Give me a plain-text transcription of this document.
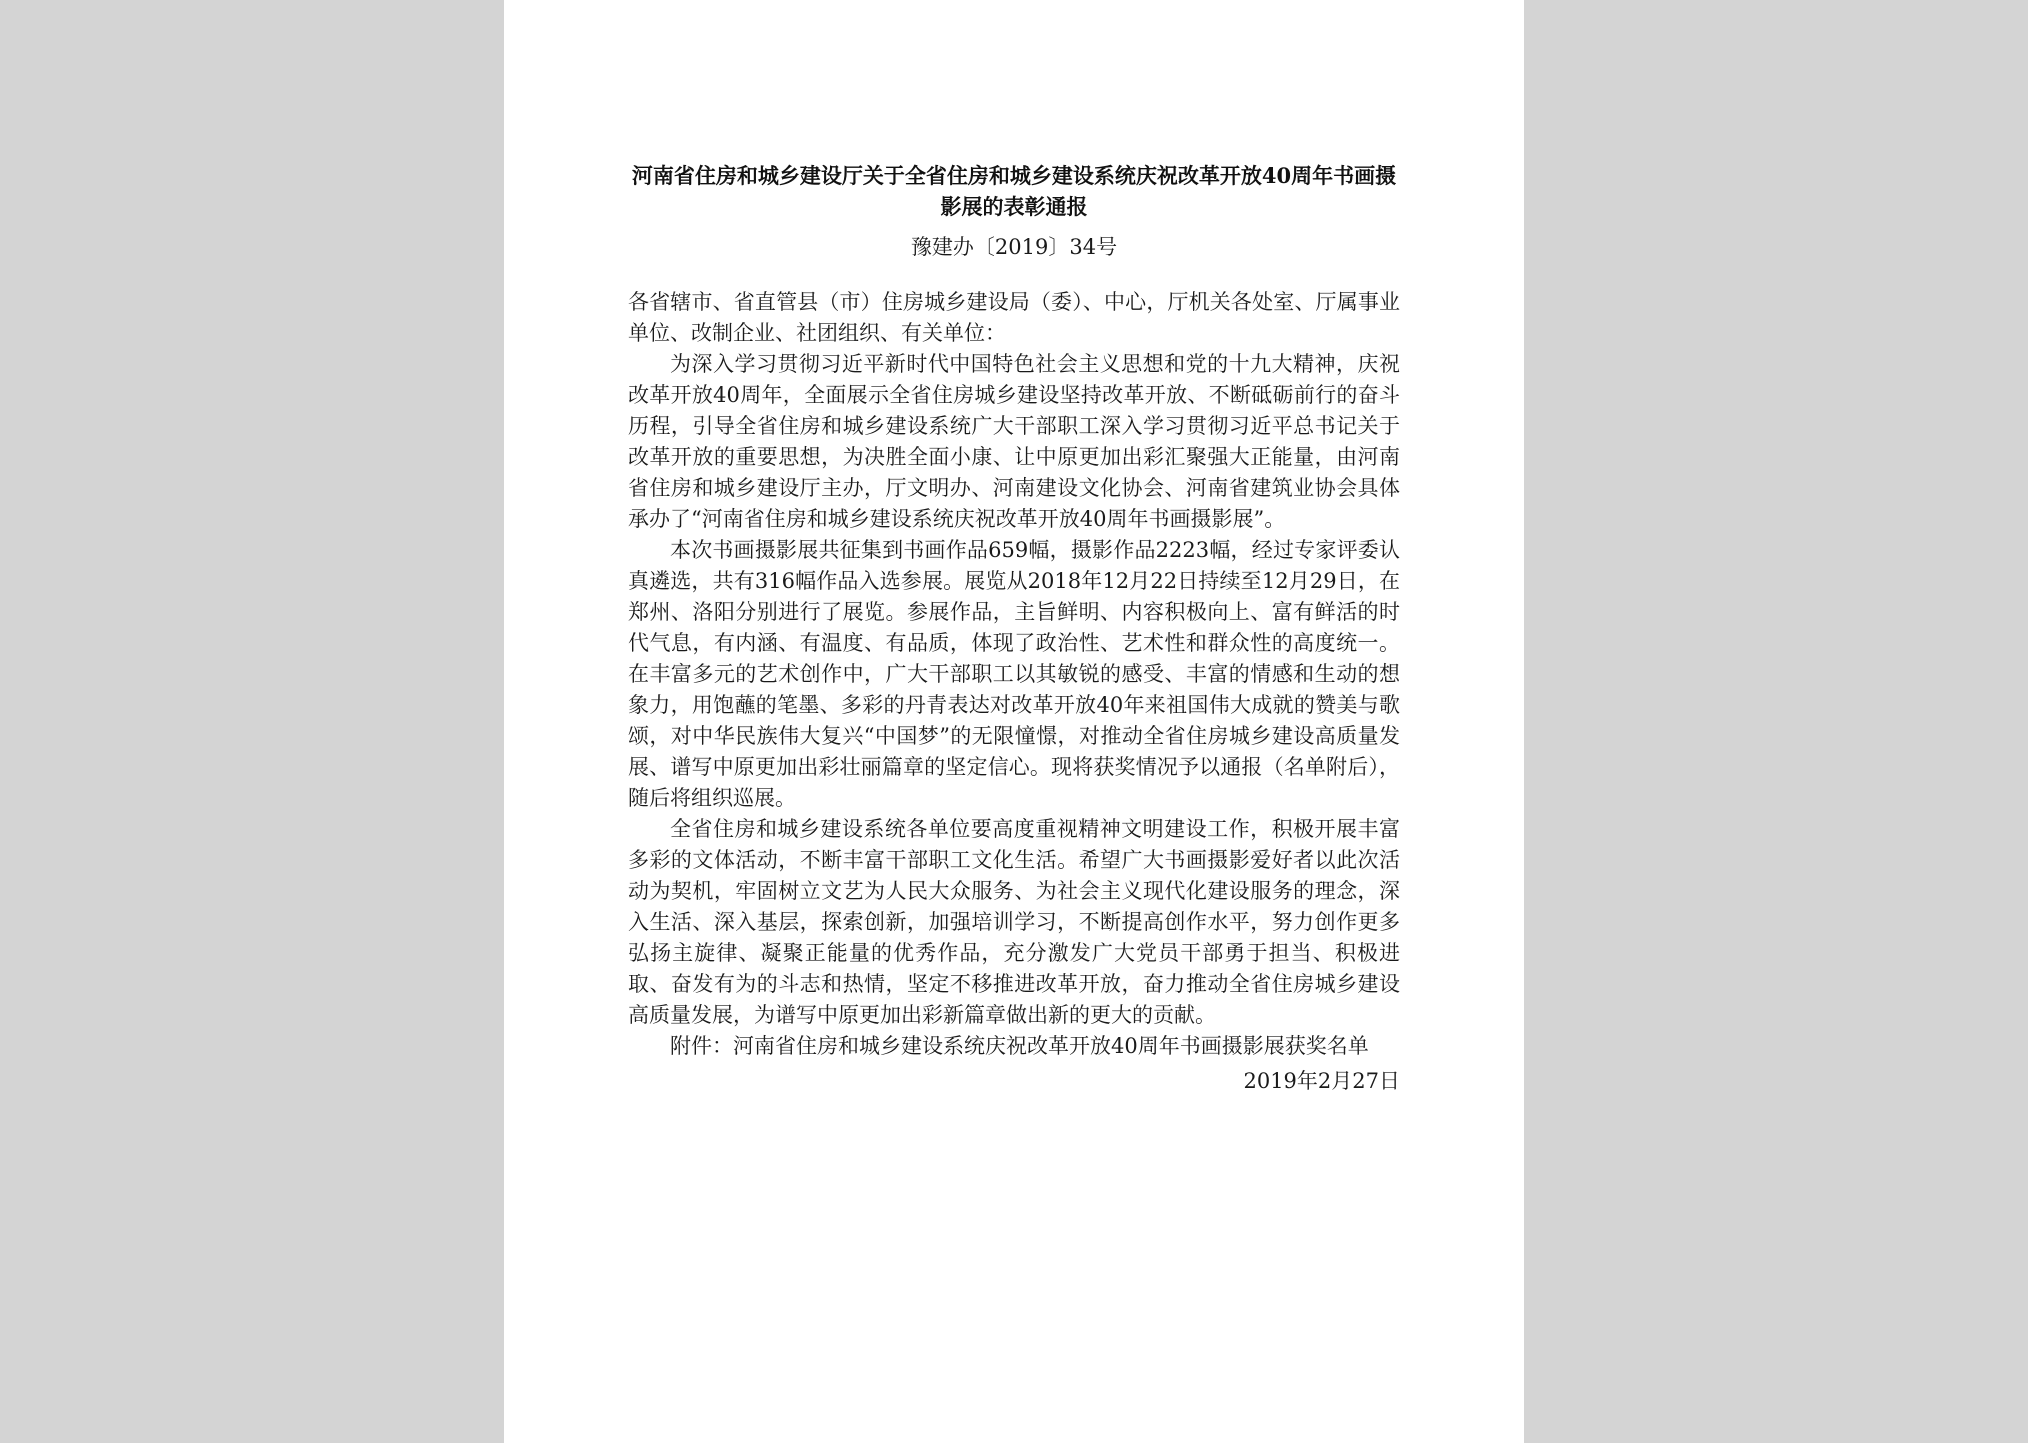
河南省住房和城乡建设厅关于全省住房和城乡建设系统庆祝改革开放40周年书画摄影展的表彰通报
豫建办〔2019〕34号

各省辖市、省直管县（市）住房城乡建设局（委）、中心，厅机关各处室、厅属事业单位、改制企业、社团组织、有关单位：

为深入学习贯彻习近平新时代中国特色社会主义思想和党的十九大精神，庆祝改革开放40周年，全面展示全省住房城乡建设坚持改革开放、不断砥砺前行的奋斗历程，引导全省住房和城乡建设系统广大干部职工深入学习贯彻习近平总书记关于改革开放的重要思想，为决胜全面小康、让中原更加出彩汇聚强大正能量，由河南省住房和城乡建设厅主办，厅文明办、河南建设文化协会、河南省建筑业协会具体承办了“河南省住房和城乡建设系统庆祝改革开放40周年书画摄影展”。

本次书画摄影展共征集到书画作品659幅，摄影作品2223幅，经过专家评委认真遴选，共有316幅作品入选参展。展览从2018年12月22日持续至12月29日，在郑州、洛阳分别进行了展览。参展作品，主旨鲜明、内容积极向上、富有鲜活的时代气息，有内涵、有温度、有品质，体现了政治性、艺术性和群众性的高度统一。在丰富多元的艺术创作中，广大干部职工以其敏锐的感受、丰富的情感和生动的想象力，用饱蘸的笔墨、多彩的丹青表达对改革开放40年来祖国伟大成就的赞美与歌颂，对中华民族伟大复兴“中国梦”的无限憧憬，对推动全省住房城乡建设高质量发展、谱写中原更加出彩壮丽篇章的坚定信心。现将获奖情况予以通报（名单附后），随后将组织巡展。

全省住房和城乡建设系统各单位要高度重视精神文明建设工作，积极开展丰富多彩的文体活动，不断丰富干部职工文化生活。希望广大书画摄影爱好者以此次活动为契机，牢固树立文艺为人民大众服务、为社会主义现代化建设服务的理念，深入生活、深入基层，探索创新，加强培训学习，不断提高创作水平，努力创作更多弘扬主旋律、凝聚正能量的优秀作品，充分激发广大党员干部勇于担当、积极进取、奋发有为的斗志和热情，坚定不移推进改革开放，奋力推动全省住房城乡建设高质量发展，为谱写中原更加出彩新篇章做出新的更大的贡献。

附件：河南省住房和城乡建设系统庆祝改革开放40周年书画摄影展获奖名单

2019年2月27日
